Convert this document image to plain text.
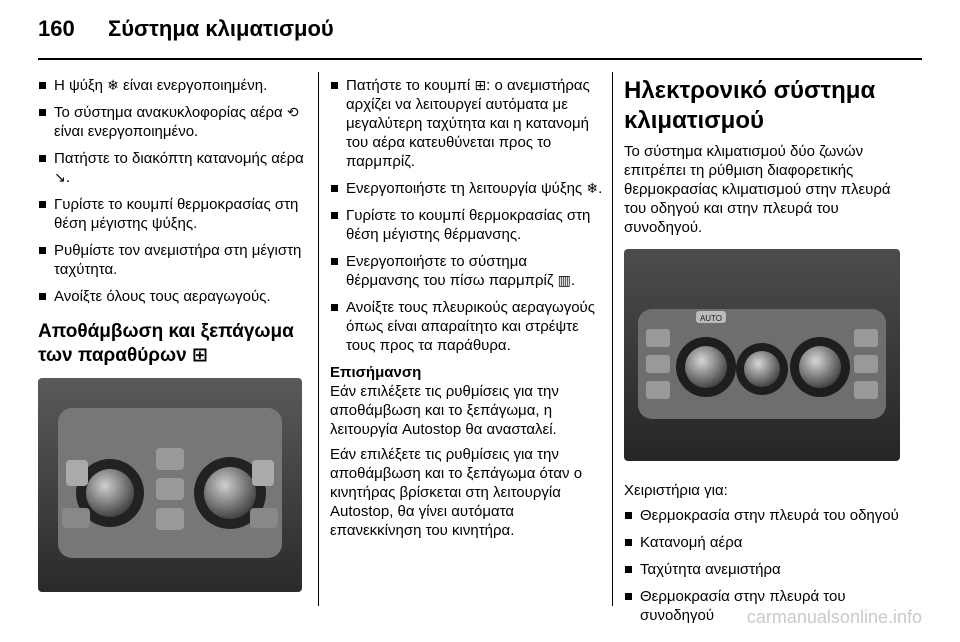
160 Σύστημα κλιματισμού
Η ψύξη ❄ είναι ενεργοποιημένη.
Το σύστημα ανακυκλοφορίας αέρα ⟲ είναι ενεργοποιημένο.
Πατήστε το διακόπτη κατανομής αέρα ↘.
Γυρίστε το κουμπί θερμοκρασίας στη θέση μέγιστης ψύξης.
Ρυθμίστε τον ανεμιστήρα στη μέγιστη ταχύτητα.
Ανοίξτε όλους τους αεραγωγούς.
Αποθάμβωση και ξεπάγωμα των παραθύρων ⊞
Πατήστε το κουμπί ⊞: ο ανεμιστήρας αρχίζει να λειτουργεί αυτόματα με μεγαλύτερη ταχύτητα και η κατανομή του αέρα κατευθύνεται προς το παρμπρίζ.
Ενεργοποιήστε τη λειτουργία ψύξης ❄.
Γυρίστε το κουμπί θερμοκρασίας στη θέση μέγιστης θέρμανσης.
Ενεργοποιήστε το σύστημα θέρμανσης του πίσω παρμπρίζ ▥.
Ανοίξτε τους πλευρικούς αεραγωγούς όπως είναι απαραίτητο και στρέψτε τους προς τα παράθυρα.
Επισήμανση

Εάν επιλέξετε τις ρυθμίσεις για την αποθάμβωση και το ξεπάγωμα, η λειτουργία Autostop θα ανασταλεί.

Εάν επιλέξετε τις ρυθμίσεις για την αποθάμβωση και το ξεπάγωμα όταν ο κινητήρας βρίσκεται στη λειτουργία Autostop, θα γίνει αυτόματα επανεκκίνηση του κινητήρα.

Ηλεκτρονικό σύστημα κλιματισμού

Το σύστημα κλιματισμού δύο ζωνών επιτρέπει τη ρύθμιση διαφορετικής θερμοκρασίας κλιματισμού στην πλευρά του οδηγού και στην πλευρά του συνοδηγού.

AUTO

Χειριστήρια για:

Θερμοκρασία στην πλευρά του οδηγού
Κατανομή αέρα
Ταχύτητα ανεμιστήρα
Θερμοκρασία στην πλευρά του συνοδηγού	carmanualsonline.info
